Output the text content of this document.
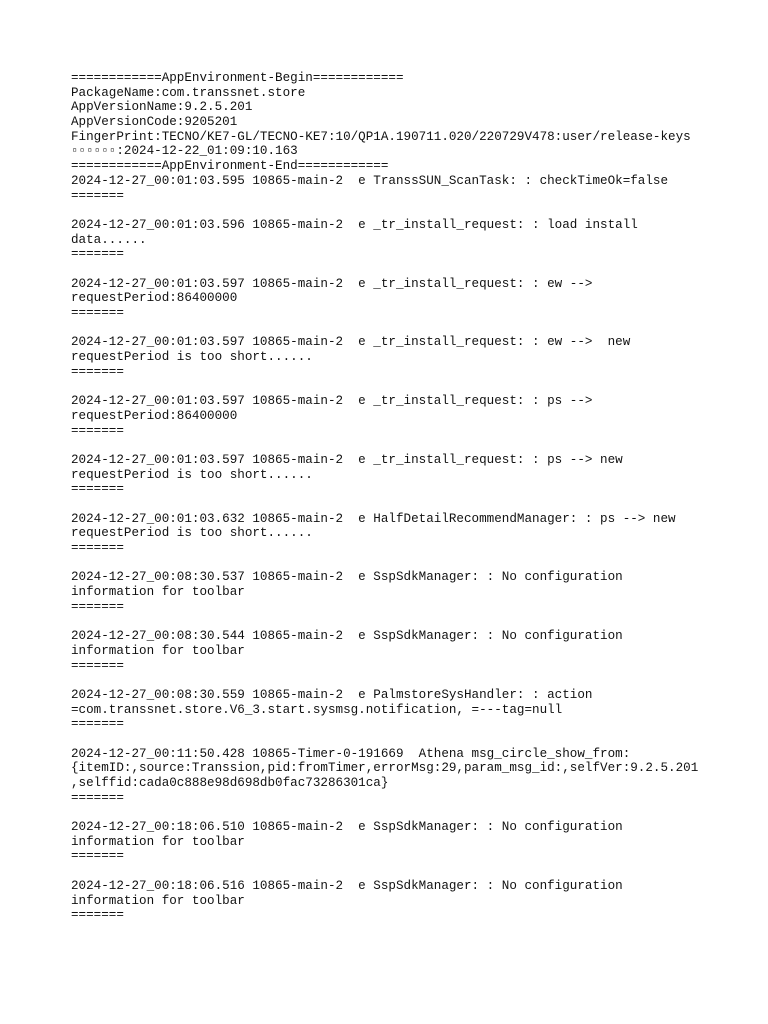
============AppEnvironment-Begin============
PackageName:com.transsnet.store
AppVersionName:9.2.5.201
AppVersionCode:9205201
FingerPrint:TECNO/KE7-GL/TECNO-KE7:10/QP1A.190711.020/220729V478:user/release-keys
▫▫▫▫▫▫:2024-12-22_01:09:10.163
============AppEnvironment-End============
2024-12-27_00:01:03.595 10865-main-2  e TranssSUN_ScanTask: : checkTimeOk=false
=======
2024-12-27_00:01:03.596 10865-main-2  e _tr_install_request: : load install
data......
=======
2024-12-27_00:01:03.597 10865-main-2  e _tr_install_request: : ew -->
requestPeriod:86400000
=======
2024-12-27_00:01:03.597 10865-main-2  e _tr_install_request: : ew -->  new
requestPeriod is too short......
=======
2024-12-27_00:01:03.597 10865-main-2  e _tr_install_request: : ps -->
requestPeriod:86400000
=======
2024-12-27_00:01:03.597 10865-main-2  e _tr_install_request: : ps --> new
requestPeriod is too short......
=======
2024-12-27_00:01:03.632 10865-main-2  e HalfDetailRecommendManager: : ps --> new
requestPeriod is too short......
=======
2024-12-27_00:08:30.537 10865-main-2  e SspSdkManager: : No configuration
information for toolbar
=======
2024-12-27_00:08:30.544 10865-main-2  e SspSdkManager: : No configuration
information for toolbar
=======
2024-12-27_00:08:30.559 10865-main-2  e PalmstoreSysHandler: : action
=com.transsnet.store.V6_3.start.sysmsg.notification, =---tag=null
=======
2024-12-27_00:11:50.428 10865-Timer-0-191669  Athena msg_circle_show_from:
{itemID:,source:Transsion,pid:fromTimer,errorMsg:29,param_msg_id:,selfVer:9.2.5.201
,selffid:cada0c888e98d698db0fac73286301ca}
=======
2024-12-27_00:18:06.510 10865-main-2  e SspSdkManager: : No configuration
information for toolbar
=======
2024-12-27_00:18:06.516 10865-main-2  e SspSdkManager: : No configuration
information for toolbar
=======
